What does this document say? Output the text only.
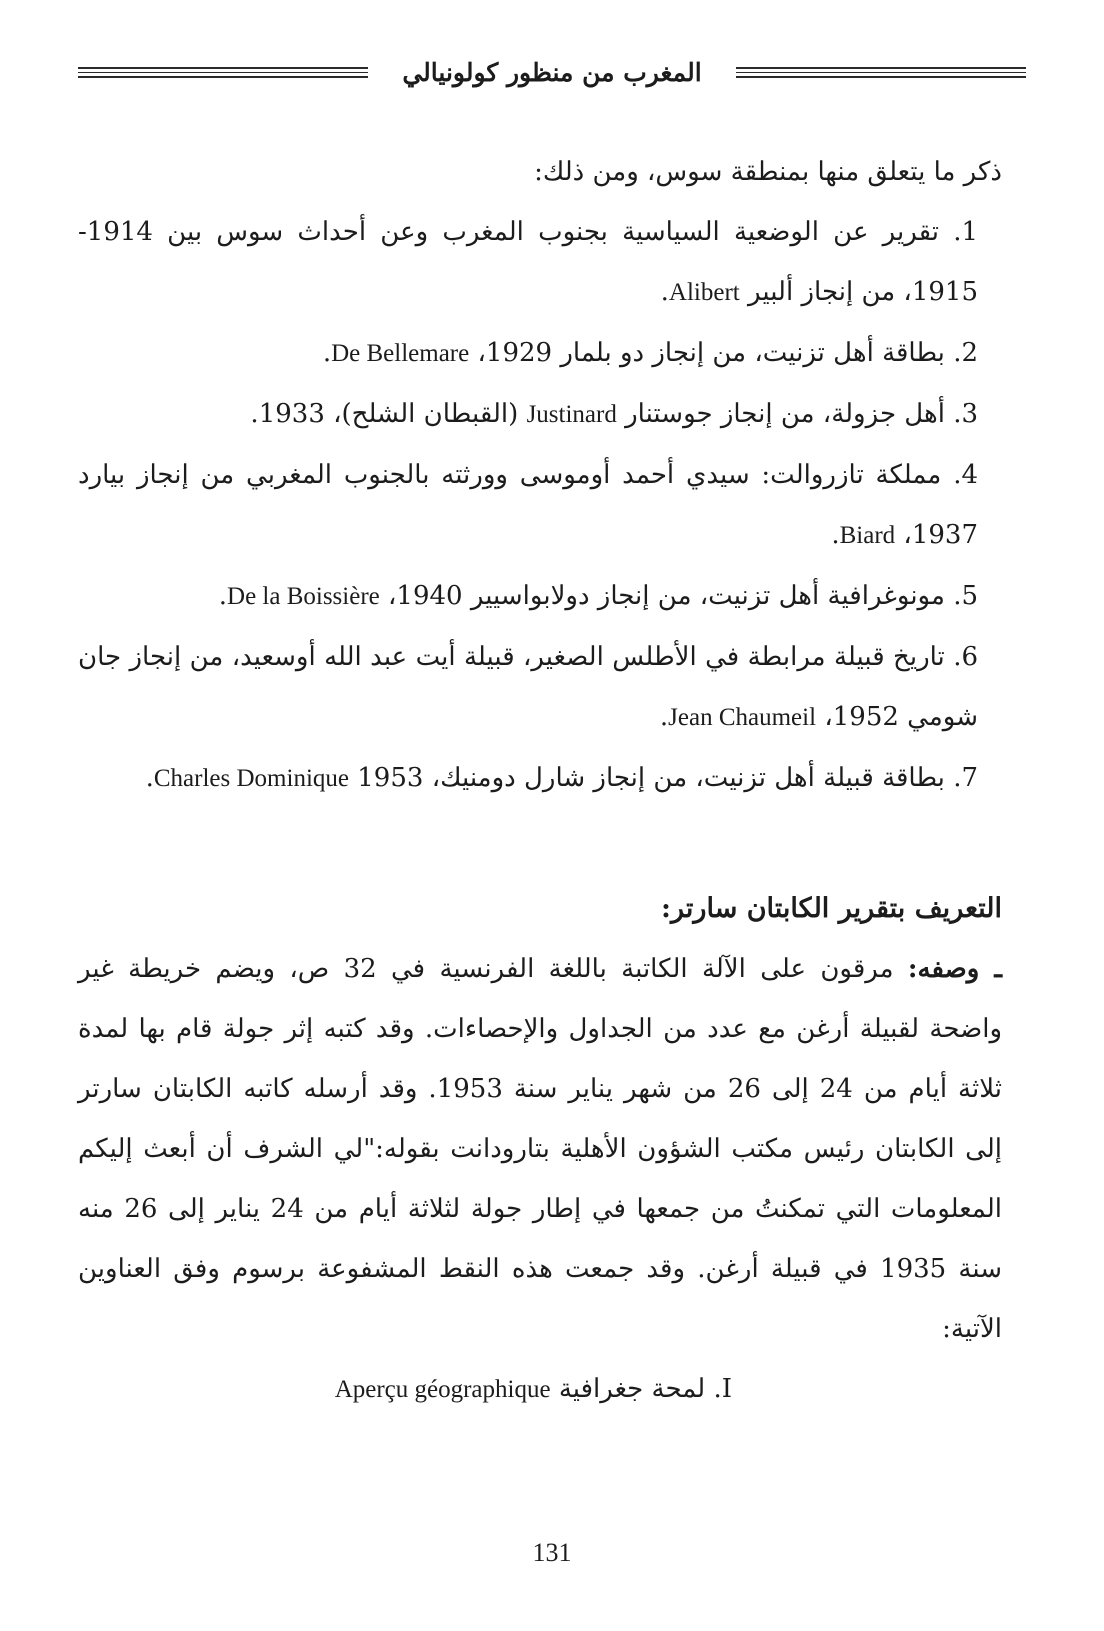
المغرب من منظور كولونيالي

ذكر ما يتعلق منها بمنطقة سوس، ومن ذلك:

1. تقرير عن الوضعية السياسية بجنوب المغرب وعن أحداث سوس بين 1914-1915، من إنجاز ألبير Alibert.

2. بطاقة أهل تزنيت، من إنجاز دو بلمار 1929، De Bellemare.

3. أهل جزولة، من إنجاز جوستنار Justinard (القبطان الشلح)، 1933.

4. مملكة تازروالت: سيدي أحمد أوموسى وورثته بالجنوب المغربي من إنجاز بيارد 1937، Biard.

5. مونوغرافية أهل تزنيت، من إنجاز دولابواسيير 1940، De la Boissière.

6. تاريخ قبيلة مرابطة في الأطلس الصغير، قبيلة أيت عبد الله أوسعيد، من إنجاز جان شومي 1952، Jean Chaumeil.

7. بطاقة قبيلة أهل تزنيت، من إنجاز شارل دومنيك، Charles Dominique 1953.

التعريف بتقرير الكابتان سارتر:

ـ وصفه: مرقون على الآلة الكاتبة باللغة الفرنسية في 32 ص، ويضم خريطة غير واضحة لقبيلة أرغن مع عدد من الجداول والإحصاءات. وقد كتبه إثر جولة قام بها لمدة ثلاثة أيام من 24 إلى 26 من شهر يناير سنة 1953. وقد أرسله كاتبه الكابتان سارتر إلى الكابتان رئيس مكتب الشؤون الأهلية بتارودانت بقوله:"لي الشرف أن أبعث إليكم المعلومات التي تمكنتُ من جمعها في إطار جولة لثلاثة أيام من 24 يناير إلى 26 منه سنة 1935 في قبيلة أرغن. وقد جمعت هذه النقط المشفوعة برسوم وفق العناوين الآتية:

I. لمحة جغرافية Aperçu géographique

131
